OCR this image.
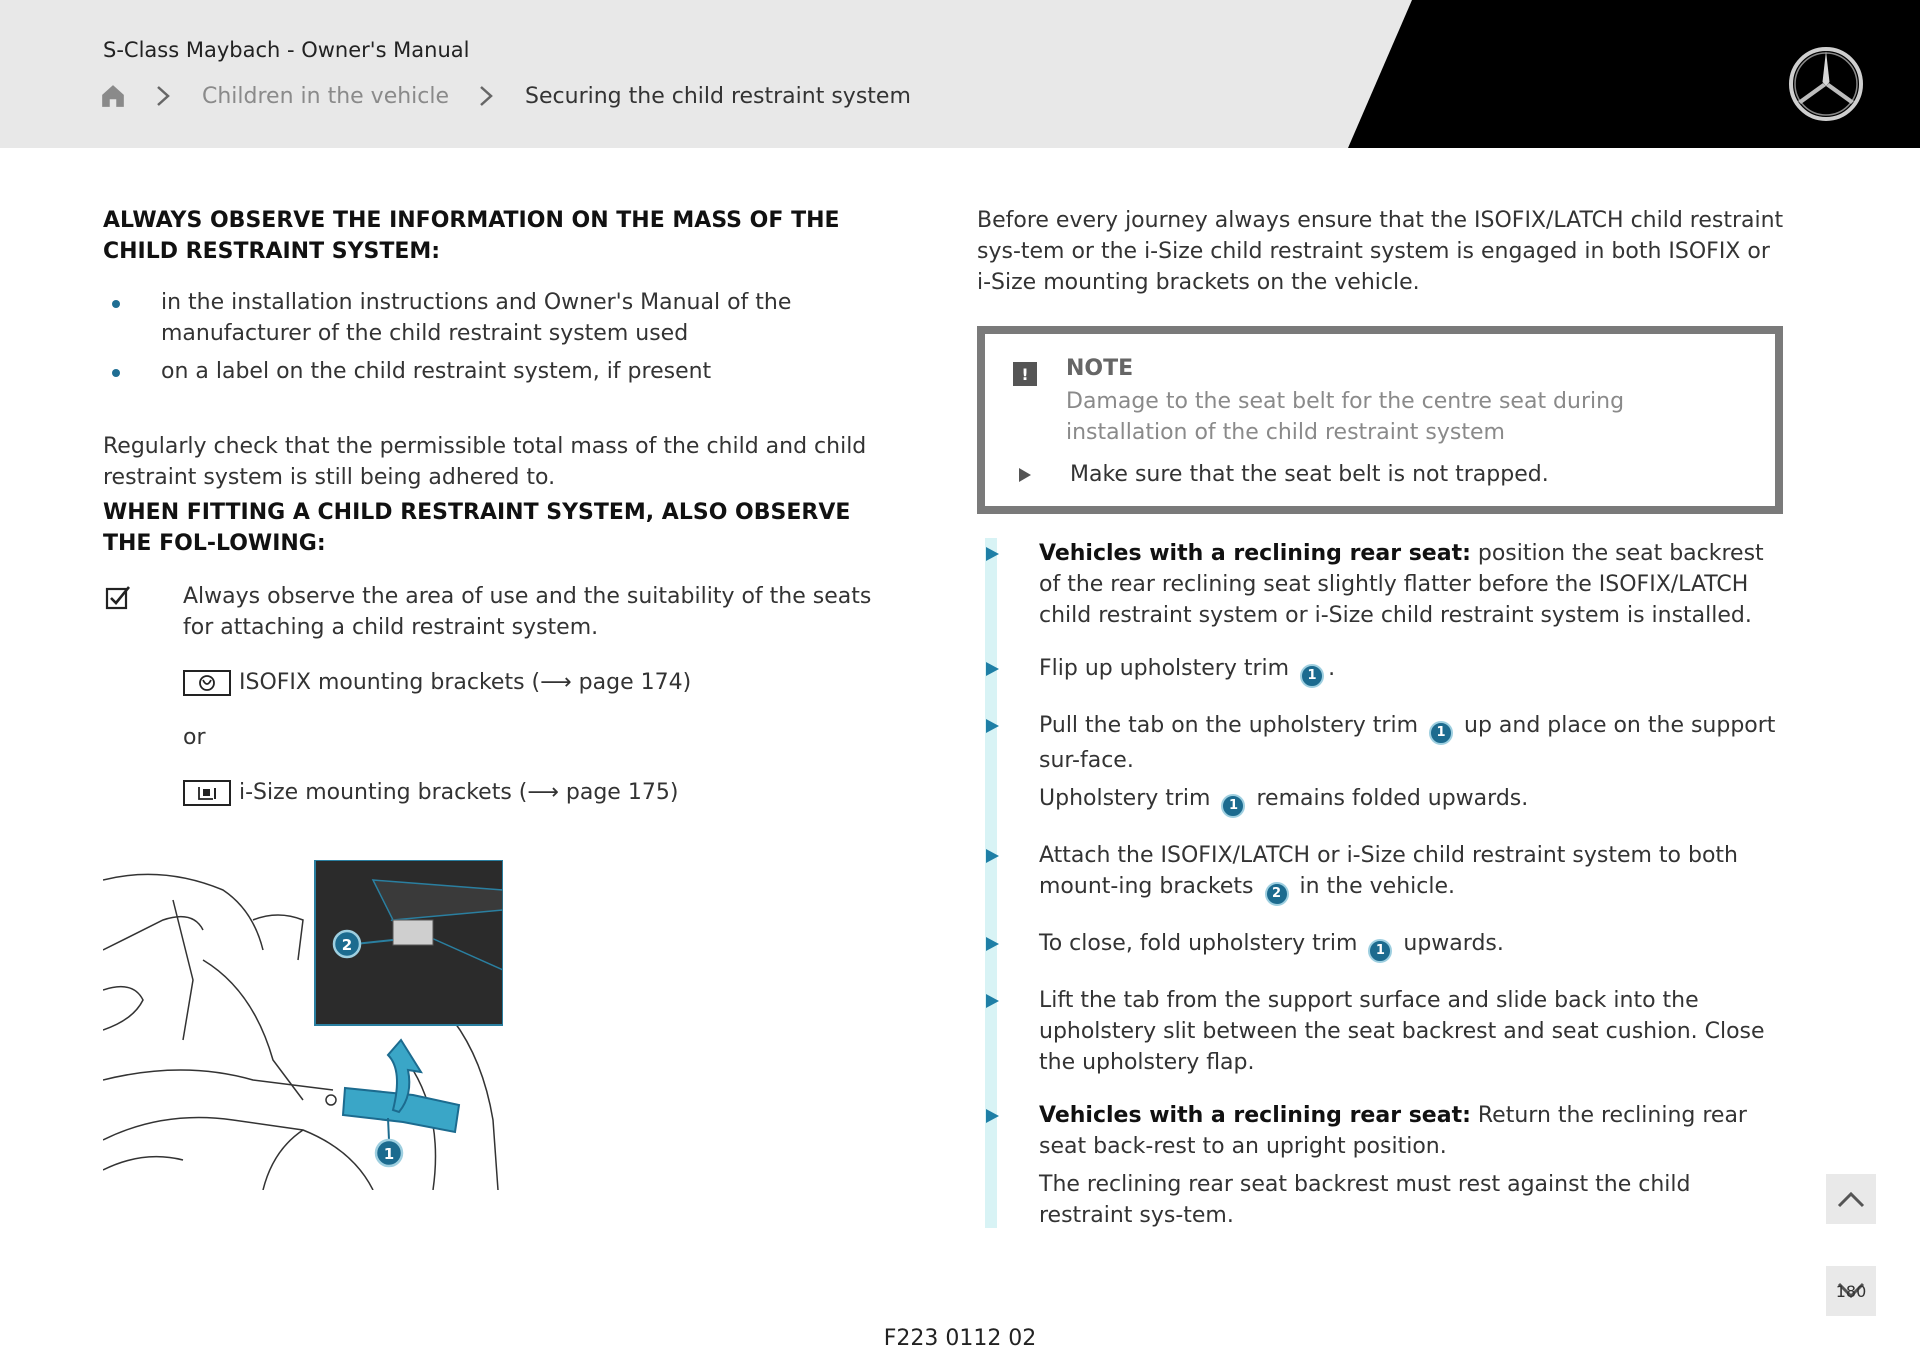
S-Class Maybach - Owner's Manual
Children in the vehicle	Securing the child restraint system
ALWAYS OBSERVE THE INFORMATION ON THE MASS OF THE CHILD RESTRAINT SYSTEM:
in the installation instructions and Owner's Manual of the manufacturer of the child restraint system used
on a label on the child restraint system, if present
Regularly check that the permissible total mass of the child and child restraint system is still being adhered to.
WHEN FITTING A CHILD RESTRAINT SYSTEM, ALSO OBSERVE THE FOL-LOWING:
Always observe the area of use and the suitability of the seats for attaching a child restraint system.
ISOFIX mounting brackets (⟶ page 174)
or
i-Size mounting brackets (⟶ page 175)
2
1
Before every journey always ensure that the ISOFIX/LATCH child restraint sys-tem or the i-Size child restraint system is engaged in both ISOFIX or i-Size mounting brackets on the vehicle.
!	NOTE
Damage to the seat belt for the centre seat during installation of the child restraint system
Make sure that the seat belt is not trapped.
Vehicles with a reclining rear seat: position the seat backrest of the rear reclining seat slightly flatter before the ISOFIX/LATCH child restraint system or i-Size child restraint system is installed.
Flip up upholstery trim 1 .
Pull the tab on the upholstery trim 1 up and place on the support sur-face.
Upholstery trim 1 remains folded upwards.
Attach the ISOFIX/LATCH or i-Size child restraint system to both mount-ing brackets 2 in the vehicle.
To close, fold upholstery trim 1 upwards.
Lift the tab from the support surface and slide back into the upholstery slit between the seat backrest and seat cushion. Close the upholstery flap.
Vehicles with a reclining rear seat: Return the reclining rear seat back-rest to an upright position.
The reclining rear seat backrest must rest against the child restraint sys-tem.
180
F223 0112 02
